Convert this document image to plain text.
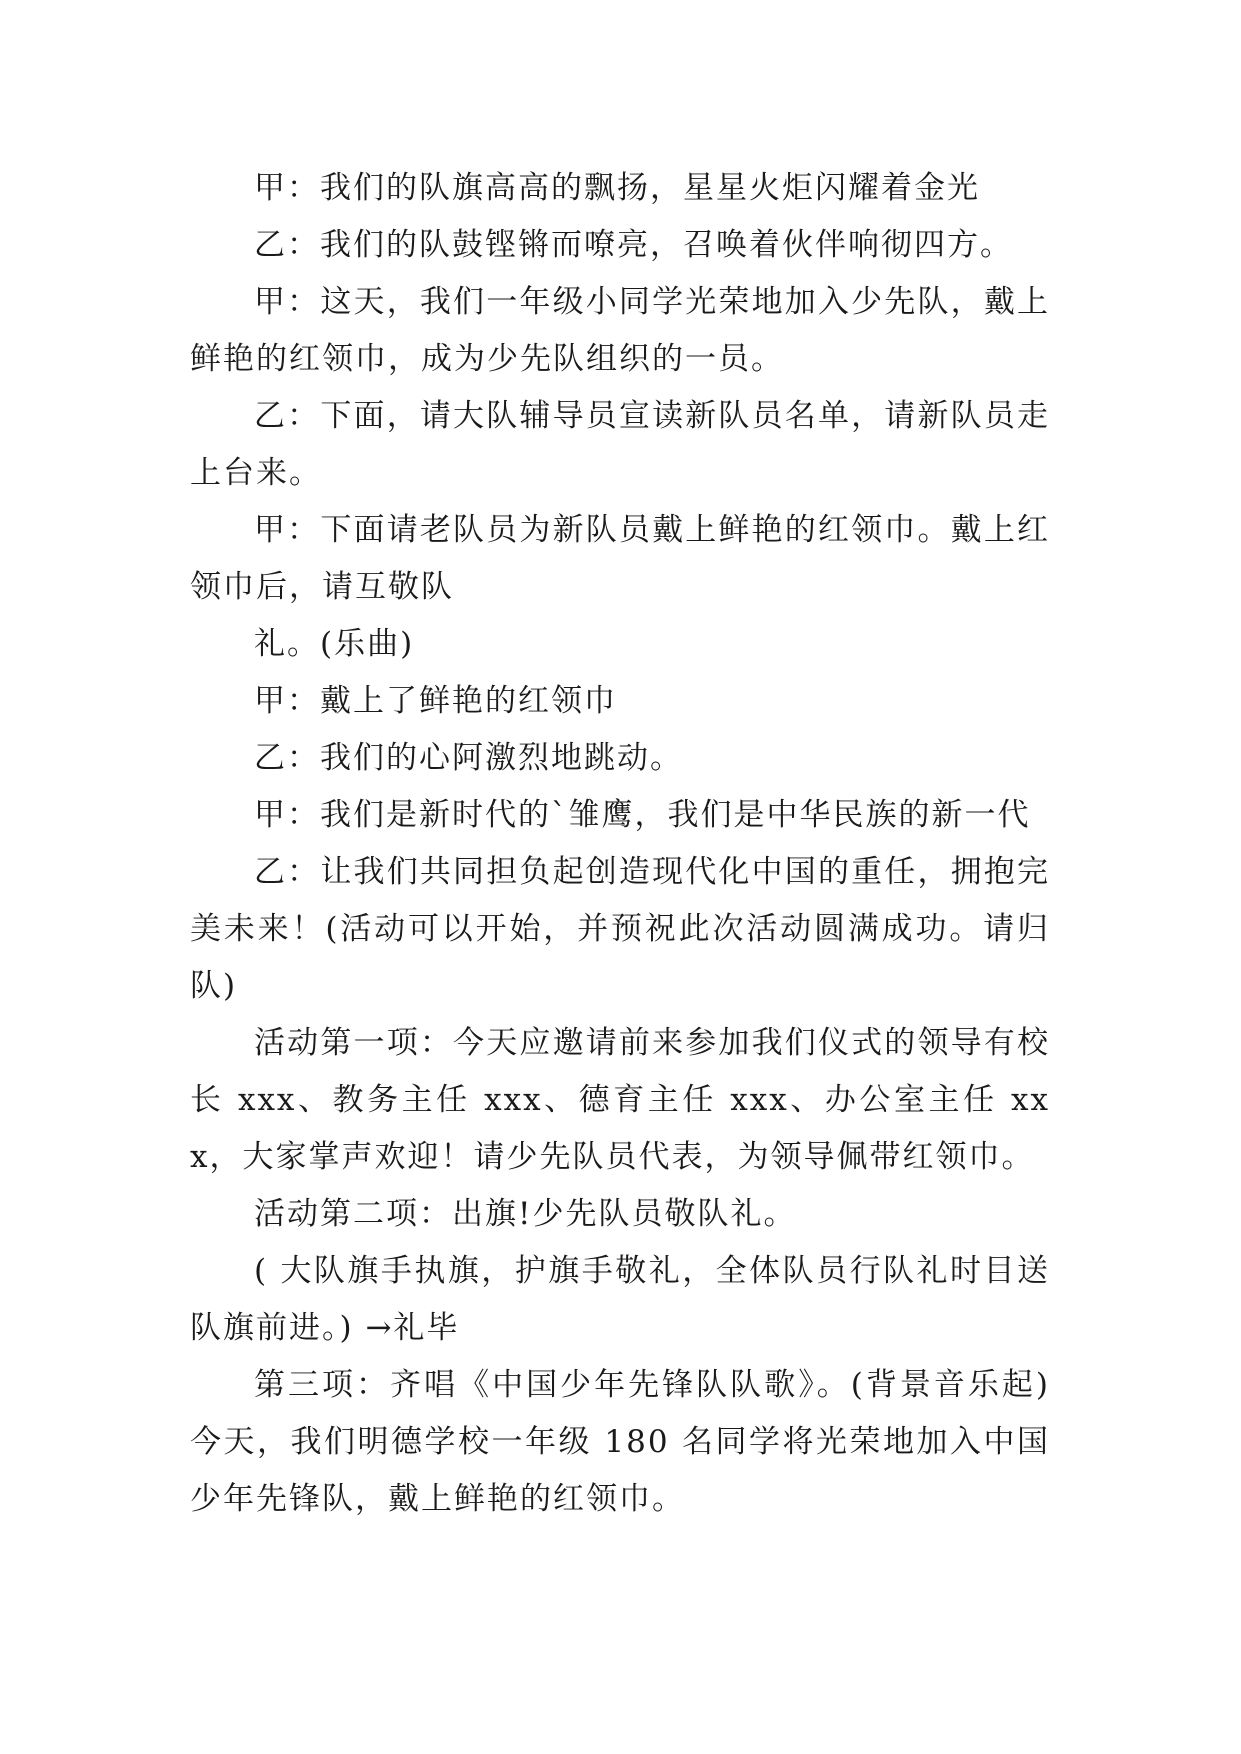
甲：我们的队旗高高的飘扬，星星火炬闪耀着金光

乙：我们的队鼓铿锵而嘹亮，召唤着伙伴响彻四方。

甲：这天，我们一年级小同学光荣地加入少先队，戴上鲜艳的红领巾，成为少先队组织的一员。

乙：下面，请大队辅导员宣读新队员名单，请新队员走上台来。

甲：下面请老队员为新队员戴上鲜艳的红领巾。戴上红领巾后，请互敬队

礼。(乐曲)

甲：戴上了鲜艳的红领巾

乙：我们的心阿激烈地跳动。

甲：我们是新时代的`雏鹰，我们是中华民族的新一代

乙：让我们共同担负起创造现代化中国的重任，拥抱完美未来！(活动可以开始，并预祝此次活动圆满成功。请归队)

活动第一项：今天应邀请前来参加我们仪式的领导有校长 xxx、教务主任 xxx、德育主任 xxx、办公室主任 xxx，大家掌声欢迎！请少先队员代表，为领导佩带红领巾。

活动第二项：出旗!少先队员敬队礼。

( 大队旗手执旗，护旗手敬礼，全体队员行队礼时目送队旗前进。) →礼毕

第三项：齐唱《中国少年先锋队队歌》。(背景音乐起)今天，我们明德学校一年级 180 名同学将光荣地加入中国少年先锋队，戴上鲜艳的红领巾。
